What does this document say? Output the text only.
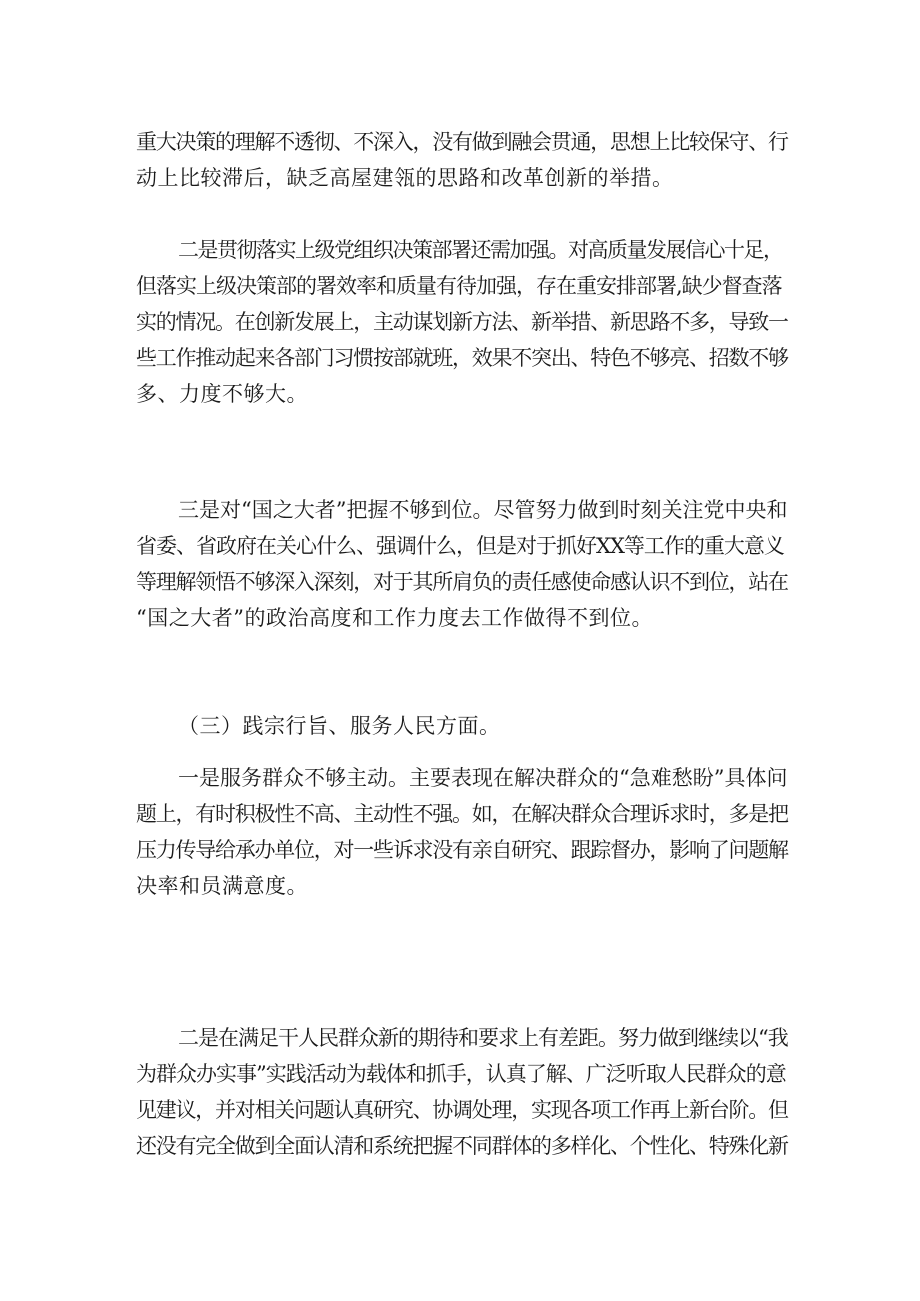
重大决策的理解不透彻、不深入，没有做到融会贯通，思想上比较保守、行
动上比较滞后，缺乏高屋建瓴的思路和改革创新的举措。
二是贯彻落实上级党组织决策部署还需加强。对高质量发展信心十足，
但落实上级决策部的署效率和质量有待加强，存在重安排部署,缺少督查落
实的情况。在创新发展上，主动谋划新方法、新举措、新思路不多，导致一
些工作推动起来各部门习惯按部就班，效果不突出、特色不够亮、招数不够
多、力度不够大。
三是对“国之大者”把握不够到位。尽管努力做到时刻关注党中央和
省委、省政府在关心什么、强调什么，但是对于抓好XX等工作的重大意义
等理解领悟不够深入深刻，对于其所肩负的责任感使命感认识不到位，站在
“国之大者”的政治高度和工作力度去工作做得不到位。
（三）践宗行旨、服务人民方面。
一是服务群众不够主动。主要表现在解决群众的“急难愁盼”具体问
题上，有时积极性不高、主动性不强。如，在解决群众合理诉求时，多是把
压力传导给承办单位，对一些诉求没有亲自研究、跟踪督办，影响了问题解
决率和员满意度。
二是在满足干人民群众新的期待和要求上有差距。努力做到继续以“我
为群众办实事”实践活动为载体和抓手，认真了解、广泛听取人民群众的意
见建议，并对相关问题认真研究、协调处理，实现各项工作再上新台阶。但
还没有完全做到全面认清和系统把握不同群体的多样化、个性化、特殊化新
